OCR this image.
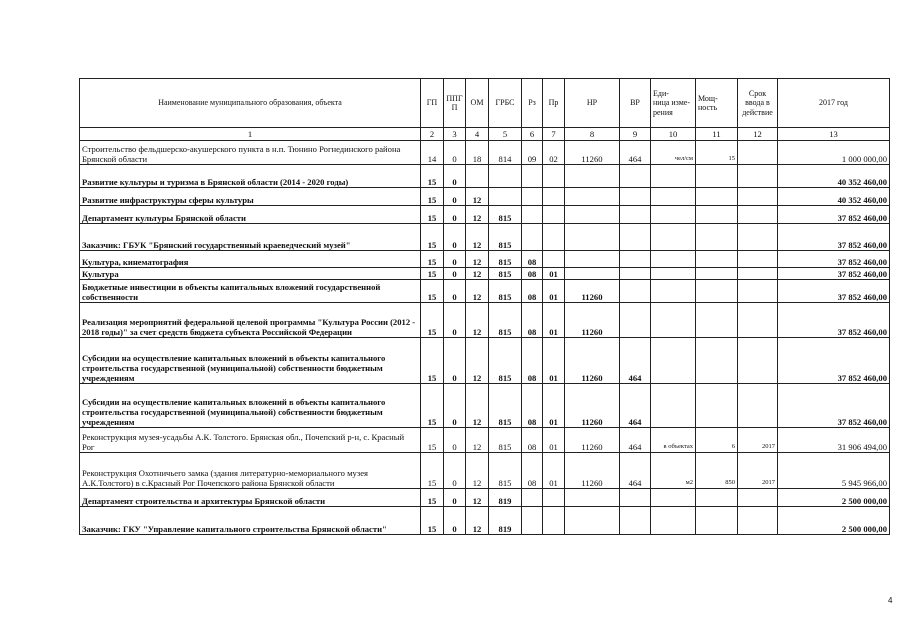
Наименование муниципального образования, объекта	ГП	ППГ
П	ОМ	ГРБС	Рз	Пр	НР	ВР	Еди-
ница изме-
рения	Мощ-
ность	Срок
ввода в
действие	2017 год
1	2	3	4	5	6	7	8	9	10	11	12	13
Строительство фельдшерско-акушерского пункта в н.п. Тюнино Рогнединского района Брянской области	14	0	18	814	09	02	11260	464	чел/см	15		1 000 000,00
Развитие культуры и туризма в Брянской области (2014 - 2020 годы)	15	0										40 352 460,00
Развитие инфраструктуры сферы культуры	15	0	12									40 352 460,00
Департамент культуры Брянской области	15	0	12	815								37 852 460,00
Заказчик: ГБУК "Брянский государственный краеведческий музей"	15	0	12	815								37 852 460,00
Культура, кинематография	15	0	12	815	08							37 852 460,00
Культура	15	0	12	815	08	01						37 852 460,00
Бюджетные инвестиции в объекты капитальных вложений государственной собственности	15	0	12	815	08	01	11260					37 852 460,00
Реализация мероприятий федеральной целевой программы "Культура России (2012 - 2018 годы)" за счет средств бюджета субъекта Российской Федерации	15	0	12	815	08	01	11260					37 852 460,00
Субсидии на осуществление капитальных вложений в объекты капитального строительства государственной (муниципальной) собственности бюджетным учреждениям	15	0	12	815	08	01	11260	464				37 852 460,00
Субсидии на осуществление капитальных вложений в объекты капитального строительства государственной (муниципальной) собственности бюджетным учреждениям	15	0	12	815	08	01	11260	464				37 852 460,00
Реконструкция музея-усадьбы А.К. Толстого. Брянская обл., Почепский р-н, с. Красный Рог	15	0	12	815	08	01	11260	464	в объектах	6	2017	31 906 494,00
Реконструкция Охотничьего замка (здания литературно-мемориального музея А.К.Толстого) в с.Красный Рог Почепского района Брянской области	15	0	12	815	08	01	11260	464	м2	850	2017	5 945 966,00
Департамент строительства и архитектуры Брянской области	15	0	12	819								2 500 000,00
Заказчик: ГКУ "Управление капитального строительства Брянской области"	15	0	12	819								2 500 000,00
4
